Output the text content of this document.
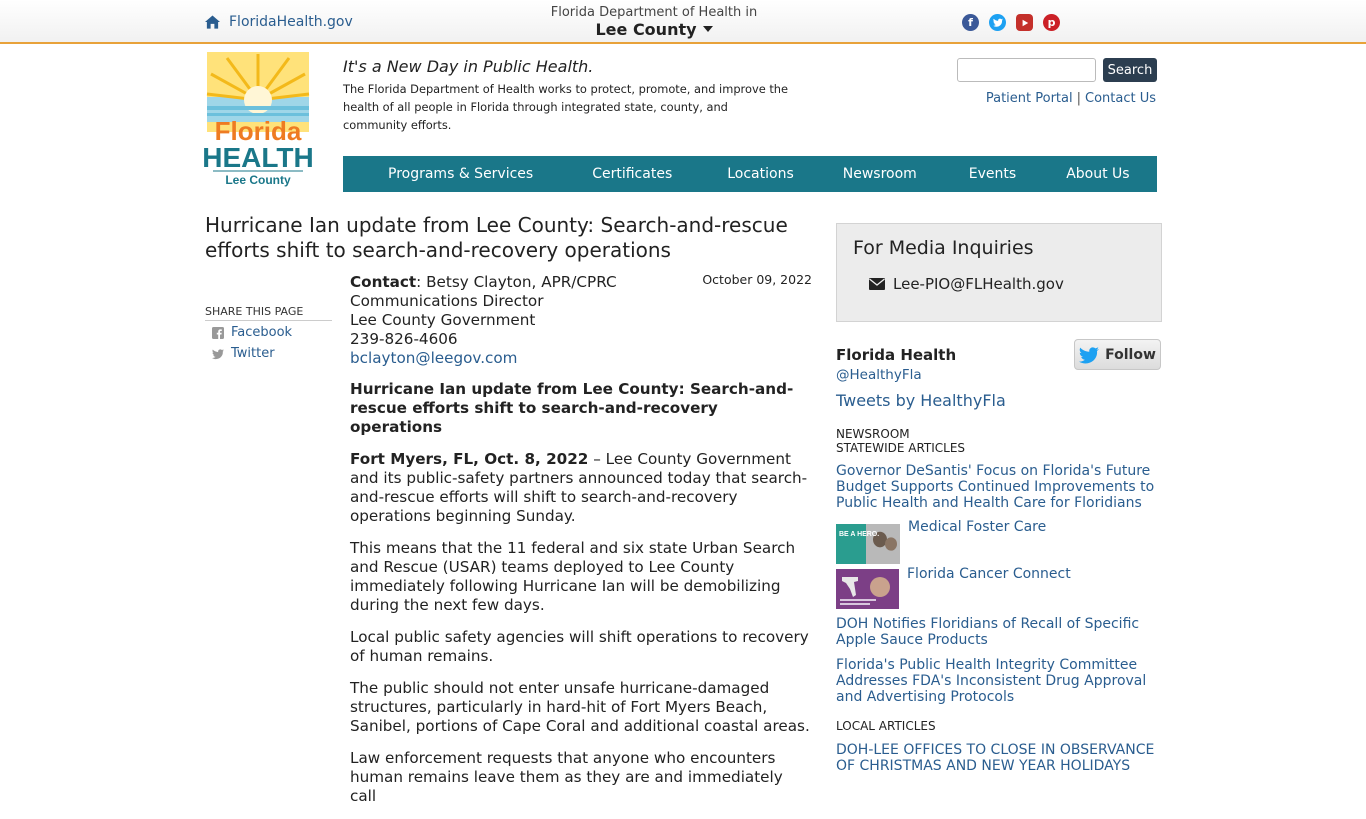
FloridaHealth.gov
Florida Department of Health in
Lee County	f	p
Florida
HEALTH
Lee County
It's a New Day in Public Health.
The Florida Department of Health works to protect, promote, and improve the health of all people in Florida through integrated state, county, and community efforts.
Search
Patient Portal | Contact Us
Programs & Services	Certificates	Locations	Newsroom	Events	About Us
Hurricane Ian update from Lee County: Search-and-rescue efforts shift to search-and-recovery operations
SHARE THIS PAGE
Facebook
Twitter
October 09, 2022
Contact: Betsy Clayton, APR/CPRC
Communications Director
Lee County Government
239-826-4606
bclayton@leegov.com

Hurricane Ian update from Lee County: Search-and-rescue efforts shift to search-and-recovery operations

Fort Myers, FL, Oct. 8, 2022 – Lee County Government and its public-safety partners announced today that search-and-rescue efforts will shift to search-and-recovery operations beginning Sunday.

This means that the 11 federal and six state Urban Search and Rescue (USAR) teams deployed to Lee County immediately following Hurricane Ian will be demobilizing during the next few days.

Local public safety agencies will shift operations to recovery of human remains.

The public should not enter unsafe hurricane-damaged structures, particularly in hard-hit of Fort Myers Beach, Sanibel, portions of Cape Coral and additional coastal areas.

Law enforcement requests that anyone who encounters human remains leave them as they are and immediately call

For Media Inquiries
Lee-PIO@FLHealth.gov
Florida Health
@HealthyFla
Follow
Tweets by HealthyFla
NEWSROOM
STATEWIDE ARTICLES
Governor DeSantis' Focus on Florida's Future Budget Supports Continued Improvements to Public Health and Health Care for Floridians
BE A HERO. Medical Foster Care
Florida Cancer Connect
DOH Notifies Floridians of Recall of Specific Apple Sauce Products
Florida's Public Health Integrity Committee Addresses FDA's Inconsistent Drug Approval and Advertising Protocols
LOCAL ARTICLES
DOH-LEE OFFICES TO CLOSE IN OBSERVANCE OF CHRISTMAS AND NEW YEAR HOLIDAYS
